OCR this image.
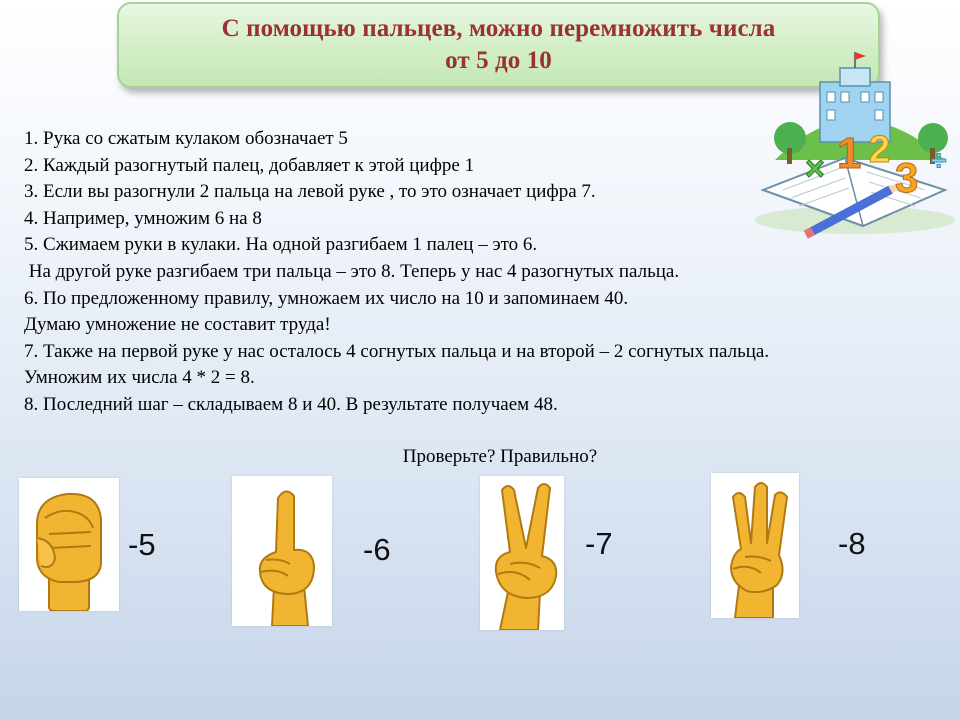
С помощью пальцев, можно перемножить числа
от 5 до 10
1 2
3
×	÷
1. Рука со сжатым кулаком обозначает 5
2. Каждый разогнутый палец, добавляет к этой цифре 1
3. Если вы разогнули 2 пальца на левой руке , то это означает цифра 7.
4. Например, умножим 6 на 8
5. Сжимаем руки в кулаки. На одной разгибаем 1 палец – это 6.
На другой руке разгибаем три пальца – это 8. Теперь у нас 4 разогнутых пальца.
6. По предложенному правилу, умножаем их число на 10 и запоминаем 40.
Думаю умножение не составит труда!
7. Также на первой руке у нас осталось 4 согнутых пальца и на второй – 2 согнутых пальца.
Умножим их числа 4 * 2 = 8.
8. Последний шаг – складываем 8 и 40. В результате получаем 48.
Проверьте? Правильно?
-5	-6	-7	-8
